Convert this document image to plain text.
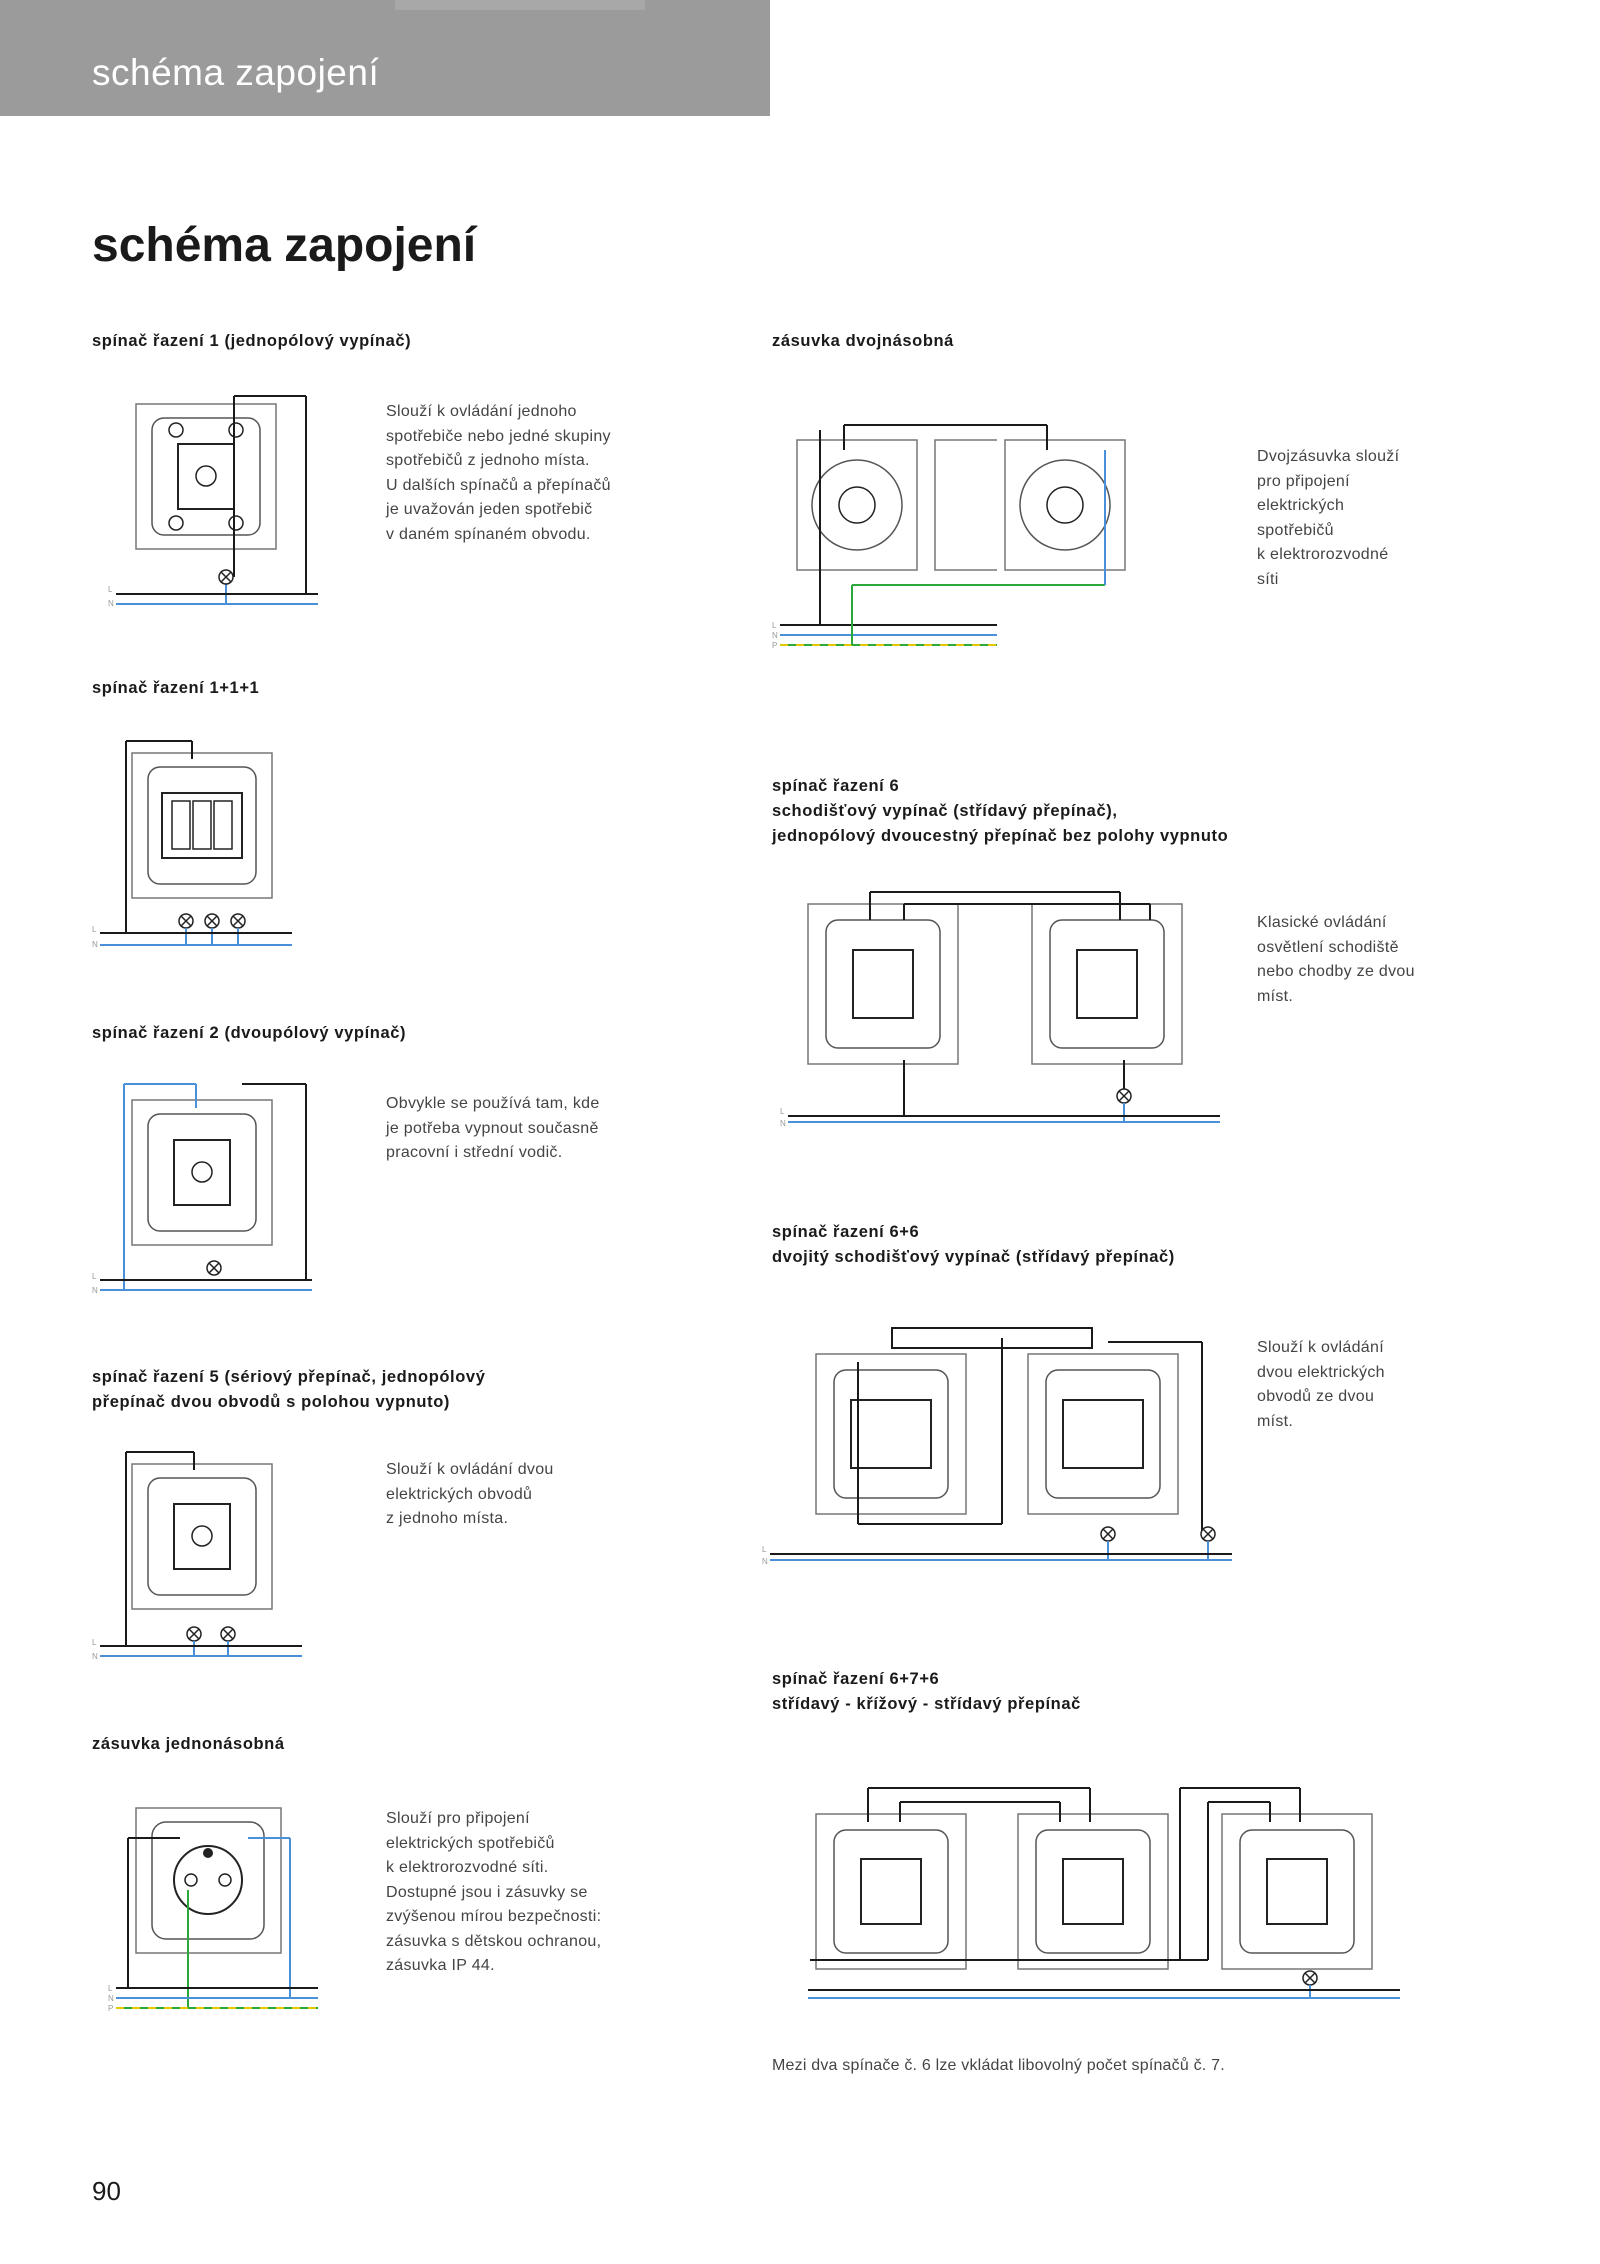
schéma zapojení
schéma zapojení
spínač řazení 1 (jednopólový vypínač)
L
N
Slouží k ovládání jednoho
spotřebiče nebo jedné skupiny
spotřebičů z jednoho místa.
U dalších spínačů a přepínačů
je uvažován jeden spotřebič
v daném spínaném obvodu.
spínač řazení 1+1+1
L
N
spínač řazení 2 (dvoupólový vypínač)
L
N
Obvykle se používá tam, kde
je potřeba vypnout současně
pracovní i střední vodič.
spínač řazení 5 (sériový přepínač, jednopólový
přepínač dvou obvodů s polohou vypnuto)
L
N
Slouží k ovládání dvou
elektrických obvodů
z jednoho místa.
zásuvka jednonásobná
L
N
P
Slouží pro připojení
elektrických spotřebičů
k elektrorozvodné síti.
Dostupné jsou i zásuvky se
zvýšenou mírou bezpečnosti:
zásuvka s dětskou ochranou,
zásuvka IP 44.
zásuvka dvojnásobná
L
N
P
Dvojzásuvka slouží
pro připojení
elektrických
spotřebičů
k elektrorozvodné
síti
spínač řazení 6
schodišťový vypínač (střídavý přepínač),
jednopólový dvoucestný přepínač bez polohy vypnuto
L
N
Klasické ovládání
osvětlení schodiště
nebo chodby ze dvou
míst.
spínač řazení 6+6
dvojitý schodišťový vypínač (střídavý přepínač)
L
N
Slouží k ovládání
dvou elektrických
obvodů ze dvou
míst.
spínač řazení 6+7+6
střídavý - křížový - střídavý přepínač
Mezi dva spínače č. 6 lze vkládat libovolný počet spínačů č. 7.
90
